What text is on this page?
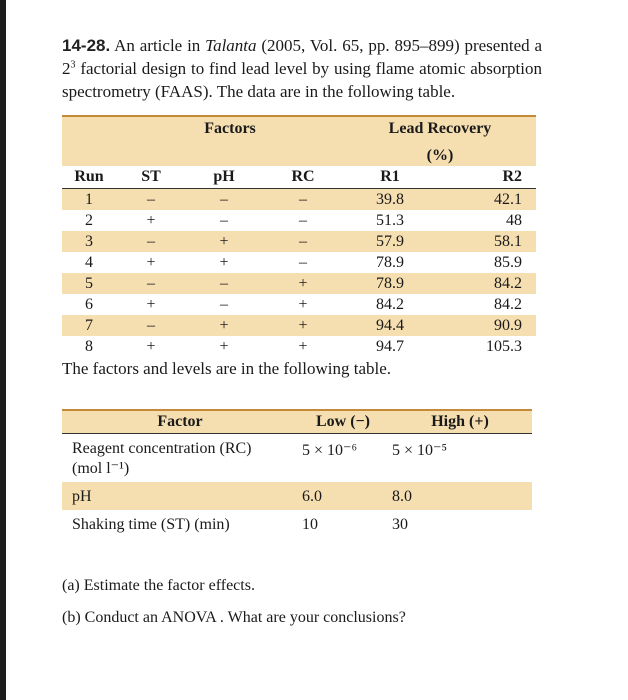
14-28. An article in Talanta (2005, Vol. 65, pp. 895–899) presented a $2^3$ factorial design to find lead level by using flame atomic absorption spectrometry (FAAS). The data are in the following table.

	Factors			Lead Recovery	
				(%)	
Run	ST	pH	RC	R1	R2
1	–	–	–	39.8	42.1
2	+	–	–	51.3	48
3	–	+	–	57.9	58.1
4	+	+	–	78.9	85.9
5	–	–	+	78.9	84.2
6	+	–	+	84.2	84.2
7	–	+	+	94.4	90.9
8	+	+	+	94.7	105.3

The factors and levels are in the following table.

Factor	Low (−)	High (+)
Reagent concentration (RC)
(mol l⁻¹)	5 × 10⁻⁶	5 × 10⁻⁵
pH	6.0	8.0
Shaking time (ST) (min)	10	30

(a) Estimate the factor effects.

(b) Conduct an ANOVA . What are your conclusions?
